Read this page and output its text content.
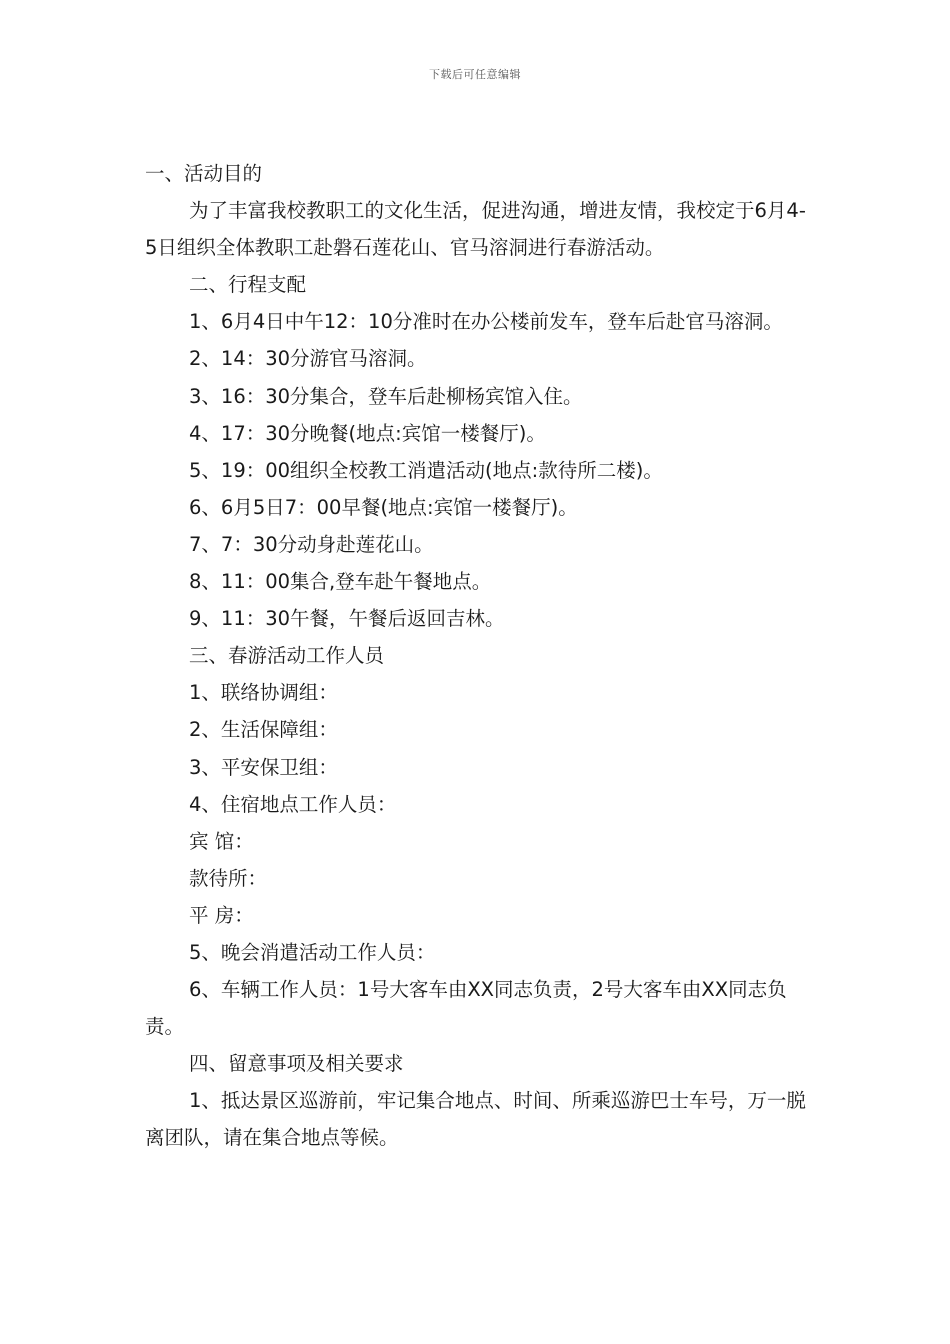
下载后可任意编辑

一、活动目的

为了丰富我校教职工的文化生活，促进沟通，增进友情，我校定于6月4-5日组织全体教职工赴磐石莲花山、官马溶洞进行春游活动。

二、行程支配

1、6月4日中午12：10分准时在办公楼前发车，登车后赴官马溶洞。

2、14：30分游官马溶洞。

3、16：30分集合，登车后赴柳杨宾馆入住。

4、17：30分晚餐(地点:宾馆一楼餐厅)。

5、19：00组织全校教工消遣活动(地点:款待所二楼)。

6、6月5日7：00早餐(地点:宾馆一楼餐厅)。

7、7：30分动身赴莲花山。

8、11：00集合,登车赴午餐地点。

9、11：30午餐，午餐后返回吉林。

三、春游活动工作人员

1、联络协调组：

2、生活保障组：

3、平安保卫组：

4、住宿地点工作人员：

宾 馆：

款待所：

平 房：

5、晚会消遣活动工作人员：

6、车辆工作人员：1号大客车由XX同志负责，2号大客车由XX同志负责。

四、留意事项及相关要求

1、抵达景区巡游前，牢记集合地点、时间、所乘巡游巴士车号，万一脱离团队，请在集合地点等候。
